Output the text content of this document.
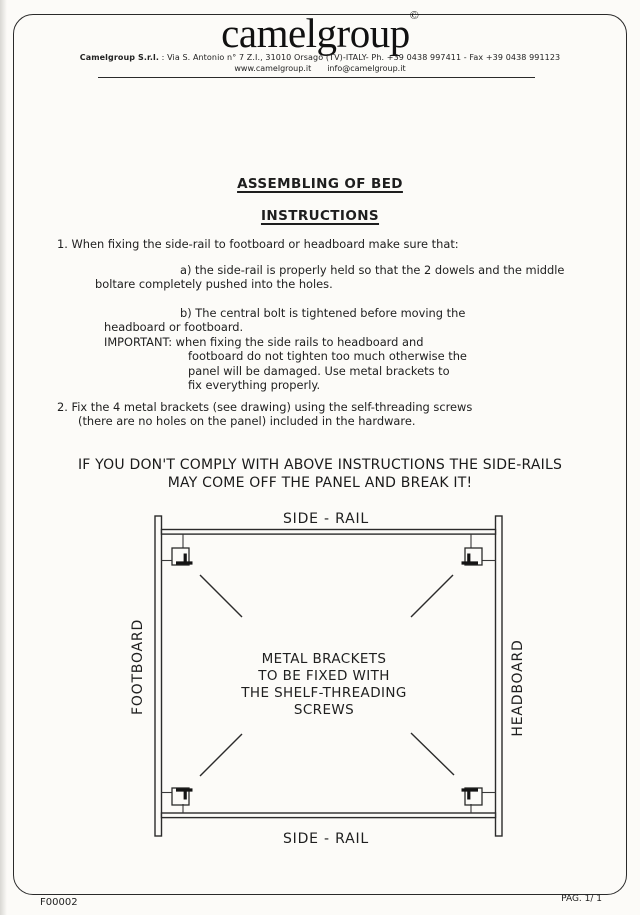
camelgroup©
Camelgroup S.r.l. : Via S. Antonio n° 7 Z.I., 31010 Orsago (TV)-ITALY- Ph. +39 0438 997411 - Fax +39 0438 991123
www.camelgroup.it info@camelgroup.it
ASSEMBLING OF BED
INSTRUCTIONS
1. When fixing the side-rail to footboard or headboard make sure that:
a) the side-rail is properly held so that the 2 dowels and the middle
boltare completely pushed into the holes.
b) The central bolt is tightened before moving the
headboard or footboard.
IMPORTANT: when fixing the side rails to headboard and
footboard do not tighten too much otherwise the
panel will be damaged. Use metal brackets to
fix everything properly.
2. Fix the 4 metal brackets (see drawing) using the self-threading screws
(there are no holes on the panel) included in the hardware.
IF YOU DON'T COMPLY WITH ABOVE INSTRUCTIONS THE SIDE-RAILS
MAY COME OFF THE PANEL AND BREAK IT!
SIDE - RAIL
SIDE - RAIL
FOOTBOARD	HEADBOARD
METAL BRACKETS
TO BE FIXED WITH
THE SHELF-THREADING
SCREWS
F00002	PAG. 1/ 1
